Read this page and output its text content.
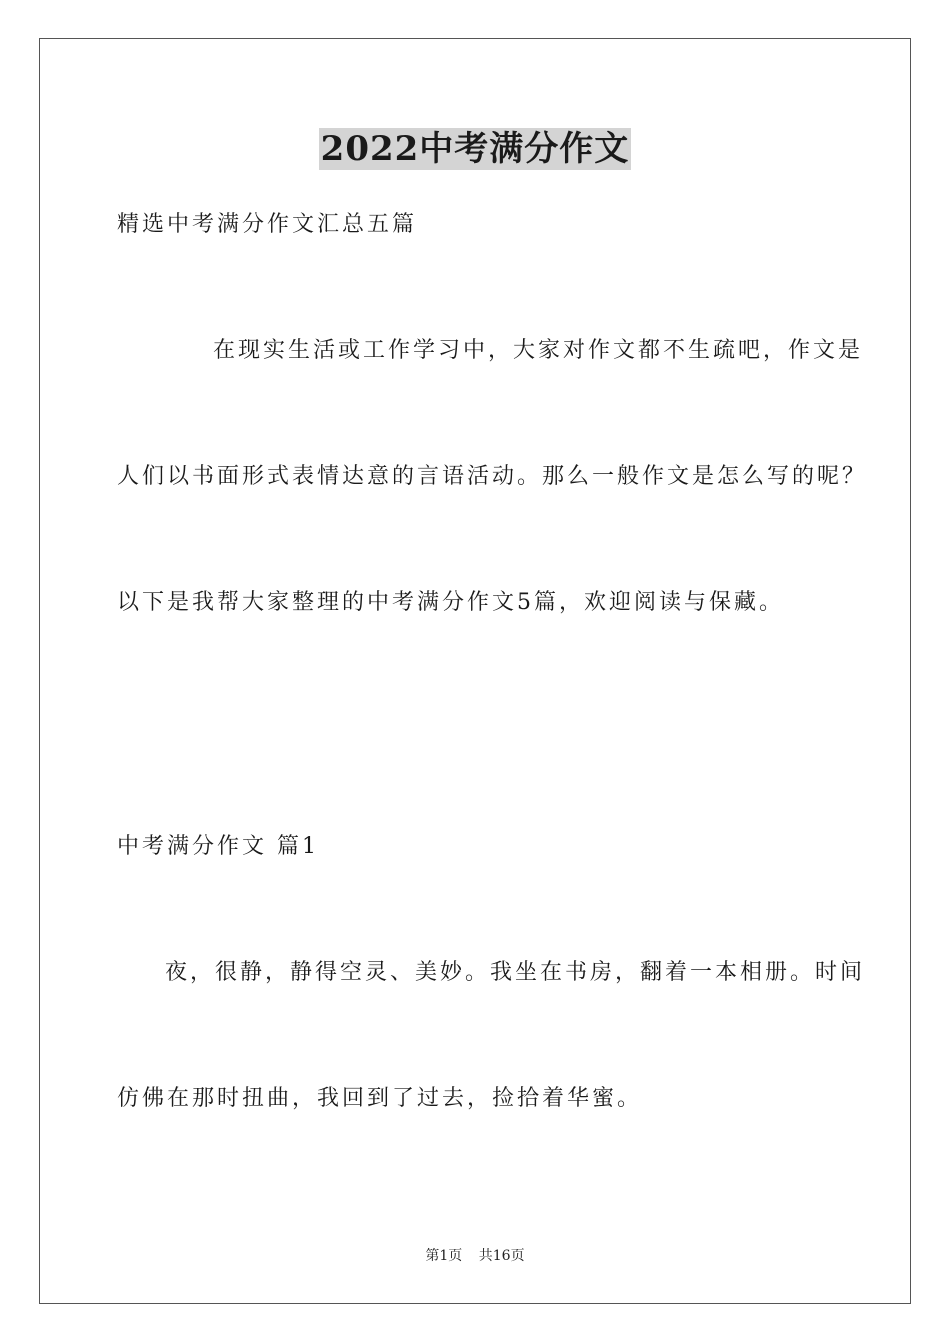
2022中考满分作文
精选中考满分作文汇总五篇
在现实生活或工作学习中，大家对作文都不生疏吧，作文是
人们以书面形式表情达意的言语活动。那么一般作文是怎么写的呢？
以下是我帮大家整理的中考满分作文5篇，欢迎阅读与保藏。
中考满分作文 篇1
夜，很静，静得空灵、美妙。我坐在书房，翻着一本相册。时间
仿佛在那时扭曲，我回到了过去，捡拾着华蜜。
第1页 共16页
